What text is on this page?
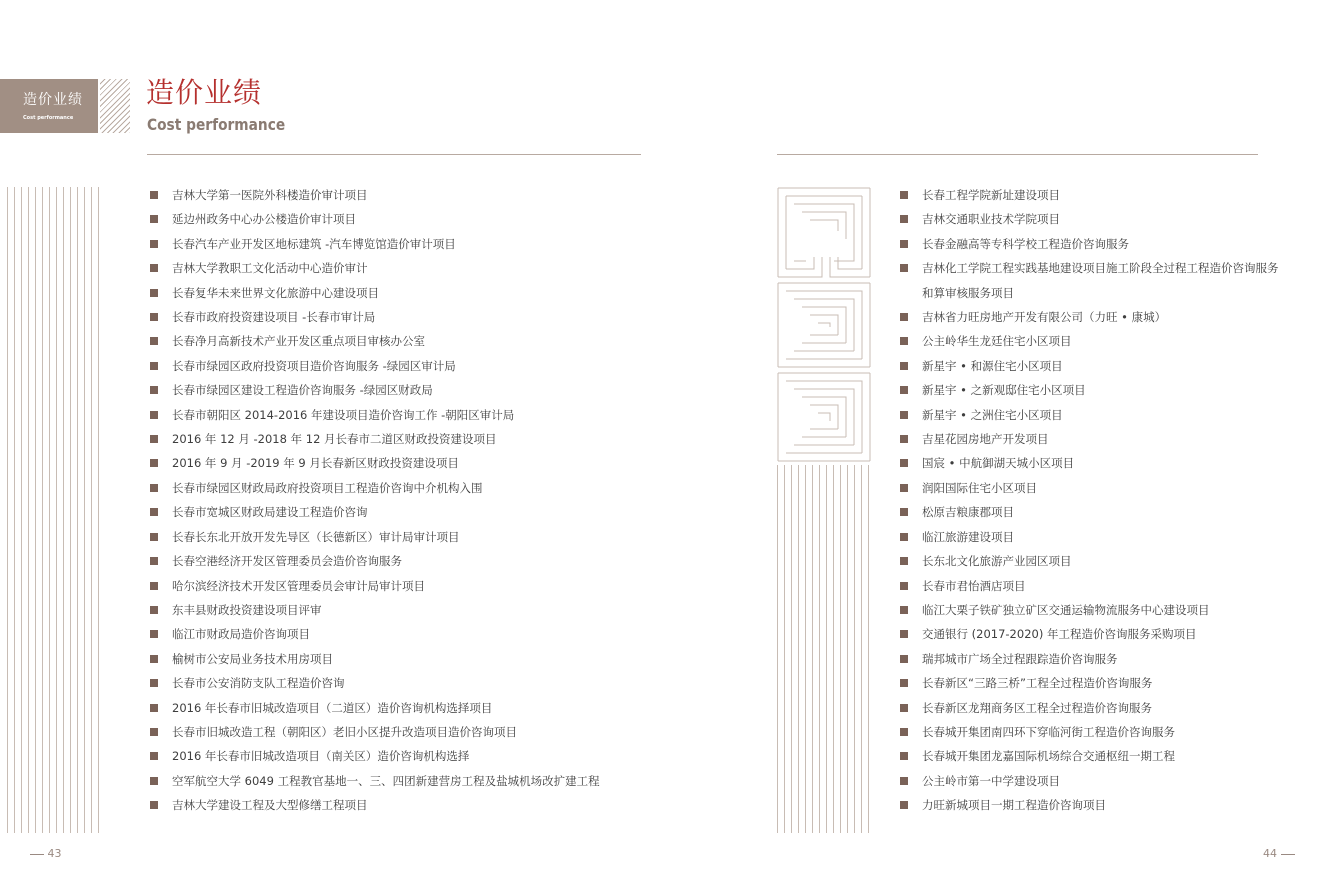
造价业绩
Cost performance
造价业绩
Cost performance
吉林大学第一医院外科楼造价审计项目
延边州政务中心办公楼造价审计项目
长春汽车产业开发区地标建筑 -汽车博览馆造价审计项目
吉林大学教职工文化活动中心造价审计
长春复华未来世界文化旅游中心建设项目
长春市政府投资建设项目 -长春市审计局
长春净月高新技术产业开发区重点项目审核办公室
长春市绿园区政府投资项目造价咨询服务 -绿园区审计局
长春市绿园区建设工程造价咨询服务 -绿园区财政局
长春市朝阳区 2014-2016 年建设项目造价咨询工作 -朝阳区审计局
2016 年 12 月 -2018 年 12 月长春市二道区财政投资建设项目
2016 年 9 月 -2019 年 9 月长春新区财政投资建设项目
长春市绿园区财政局政府投资项目工程造价咨询中介机构入围
长春市宽城区财政局建设工程造价咨询
长春长东北开放开发先导区（长德新区）审计局审计项目
长春空港经济开发区管理委员会造价咨询服务
哈尔滨经济技术开发区管理委员会审计局审计项目
东丰县财政投资建设项目评审
临江市财政局造价咨询项目
榆树市公安局业务技术用房项目
长春市公安消防支队工程造价咨询
2016 年长春市旧城改造项目（二道区）造价咨询机构选择项目
长春市旧城改造工程（朝阳区）老旧小区提升改造项目造价咨询项目
2016 年长春市旧城改造项目（南关区）造价咨询机构选择
空军航空大学 6049 工程教官基地一、三、四团新建营房工程及盐城机场改扩建工程
吉林大学建设工程及大型修缮工程项目
长春工程学院新址建设项目
吉林交通职业技术学院项目
长春金融高等专科学校工程造价咨询服务
吉林化工学院工程实践基地建设项目施工阶段全过程工程造价咨询服务和算审核服务项目
吉林省力旺房地产开发有限公司（力旺 • 康城）
公主岭华生龙廷住宅小区项目
新星宇 • 和源住宅小区项目
新星宇 • 之新观邸住宅小区项目
新星宇 • 之洲住宅小区项目
吉星花园房地产开发项目
国宸 • 中航御湖天城小区项目
润阳国际住宅小区项目
松原吉粮康郡项目
临江旅游建设项目
长东北文化旅游产业园区项目
长春市君怡酒店项目
临江大栗子铁矿独立矿区交通运输物流服务中心建设项目
交通银行 (2017-2020) 年工程造价咨询服务采购项目
瑞邦城市广场全过程跟踪造价咨询服务
长春新区“三路三桥”工程全过程造价咨询服务
长春新区龙翔商务区工程全过程造价咨询服务
长春城开集团南四环下穿临河街工程造价咨询服务
长春城开集团龙嘉国际机场综合交通枢纽一期工程
公主岭市第一中学建设项目
力旺新城项目一期工程造价咨询项目
43	44
